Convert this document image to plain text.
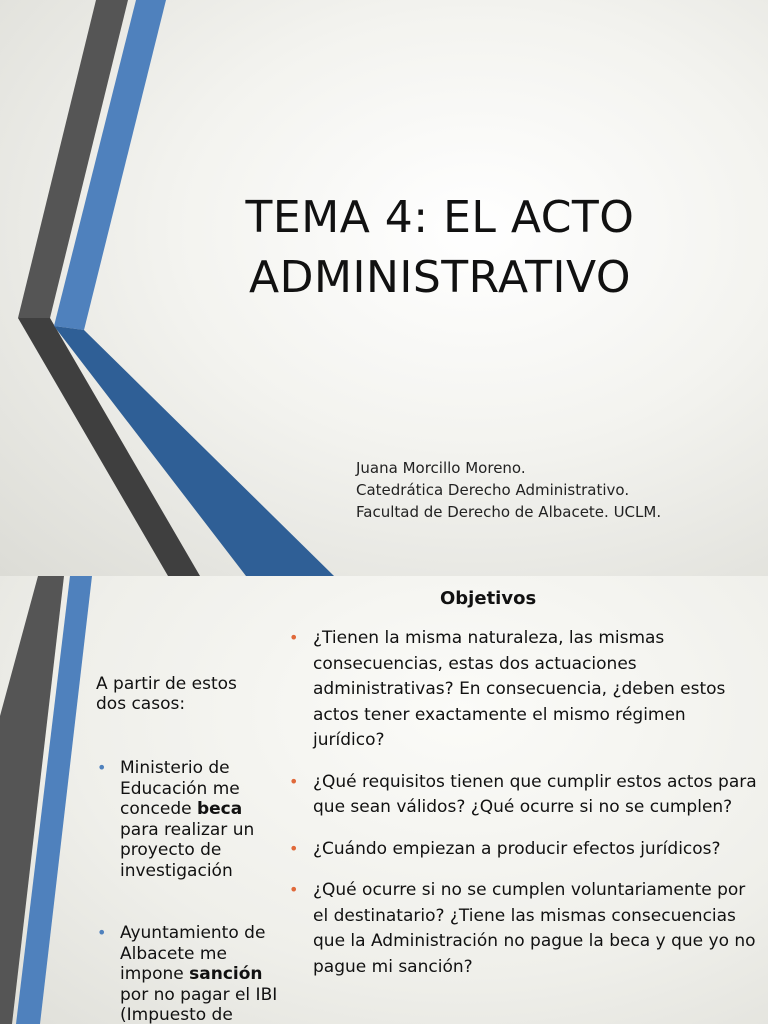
TEMA 4: EL ACTO
ADMINISTRATIVO
Juana Morcillo Moreno.
Catedrática Derecho Administrativo.
Facultad de Derecho de Albacete. UCLM.
Objetivos
A partir de estos dos casos:
• Ministerio de Educación me concede beca para realizar un proyecto de investigación
• Ayuntamiento de Albacete me impone sanción por no pagar el IBI (Impuesto de
• ¿Tienen la misma naturaleza, las mismas consecuencias, estas dos actuaciones administrativas? En consecuencia, ¿deben estos actos tener exactamente el mismo régimen jurídico?
• ¿Qué requisitos tienen que cumplir estos actos para que sean válidos? ¿Qué ocurre si no se cumplen?
• ¿Cuándo empiezan a producir efectos jurídicos?
• ¿Qué ocurre si no se cumplen voluntariamente por el destinatario? ¿Tiene las mismas consecuencias que la Administración no pague la beca y que yo no pague mi sanción?
